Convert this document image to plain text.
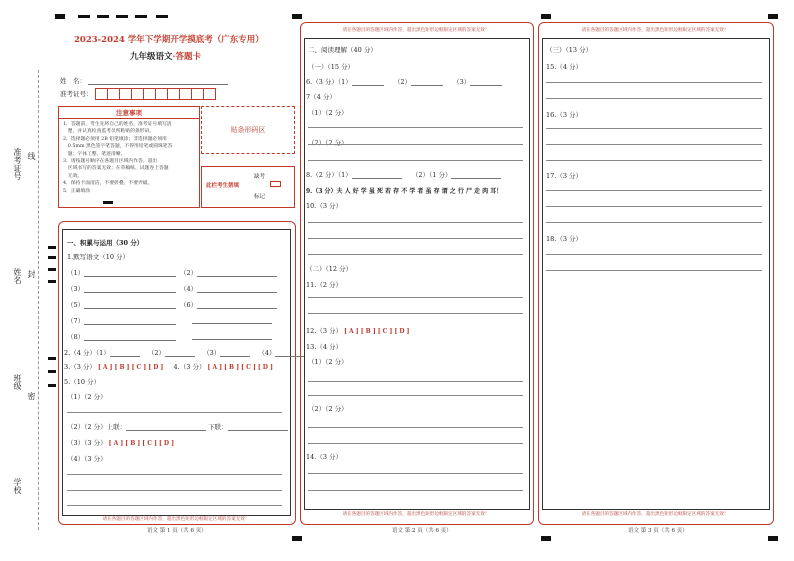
准考证号 线
姓名 封
班级
密
学校
2023-2024 学年下学期开学摸底考（广东专用）
九年级语文·答题卡
姓　名：
准考证号：
注意事项
1．答题前，考生先将自己的姓名，准考证号填写清
　楚，并认真检查监考员所粘贴的条形码。
2．选择题必须用 2B 铅笔填涂；非选择题必须用
　0.5mm 黑色签字笔答题，不得用铅笔或圆珠笔答
　题；字体工整、笔迹清晰。
3．请按题号顺序在各题目区域内作答，超出
　区域书写的答案无效；在草稿纸、试题卷上答题
　无效。
4．保持卡面清洁，不要折叠、不要弄破。
5．正确填涂
贴条形码区
此栏考生禁填
缺考
标记
请在各题目的答题区域内作答，超出黑色矩形边框限定区域的答案无效！
一、积累与运用（30 分）
1.默写语文（10 分）
（1）	（2）
（3）	（4）
（5）	（6）
（7）
（8）
2.（4 分）（1）	（2）	（3）	（4）
3.（3 分） [ A ] [ B ] [ C ] [ D ] 4.（3 分） [ A ] [ B ] [ C ] [ D ]
5.（10 分）
（1）（2 分）
（2）（2 分）上联：	下联：
（3）（3 分） [ A ] [ B ] [ C ] [ D ]
（4）（3 分）
语文 第 1 页（共 6 页）
请在各题目的答题区域内作答，超出黑色矩形边框限定区域的答案无效！
请在各题目的答题区域内作答，超出黑色矩形边框限定区域的答案无效！
二、阅读理解（40 分）
（一）（15 分）
6.（3 分）（1）	（2）	（3）
7（4 分）
（1）（2 分）
（2）（2 分）
8.（2 分）（1）	（2）（1 分）
9.（3 分）夫 人 好 学 虽 死 若 存 不 学 者 虽 存 谓 之 行 尸 走 肉 耳！
10.（3 分）
（二）（12 分）
11.（2 分）
12.（3 分） [ A ] [ B ] [ C ] [ D ]
13.（4 分）
（1）（2 分）
（2）（2 分）
14.（3 分）
语文 第 2 页（共 6 页）
请在各题目的答题区域内作答，超出黑色矩形边框限定区域的答案无效！
请在各题目的答题区域内作答，超出黑色矩形边框限定区域的答案无效！
（三）（13 分）
15.（4 分）
16.（3 分）
17.（3 分）
18.（3 分）
语文 第 3 页（共 6 页）
